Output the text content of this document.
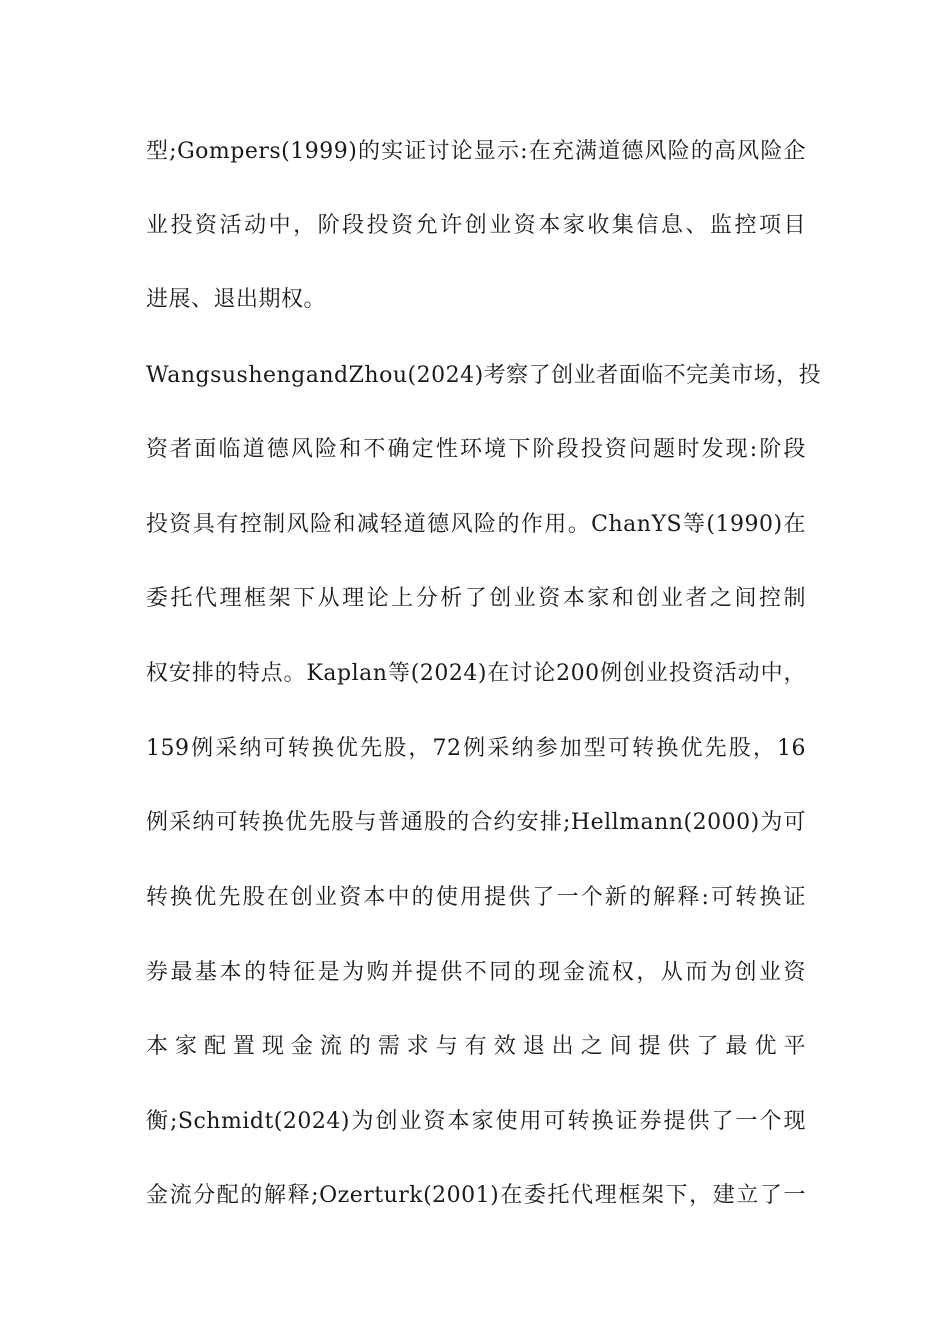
型;Gompers(1999)的实证讨论显示:在充满道德风险的高风险企
业投资活动中，阶段投资允许创业资本家收集信息、监控项目
进展、退出期权。
WangsushengandZhou(2024)考察了创业者面临不完美市场，投
资者面临道德风险和不确定性环境下阶段投资问题时发现:阶段
投资具有控制风险和减轻道德风险的作用。ChanYS等(1990)在
委托代理框架下从理论上分析了创业资本家和创业者之间控制
权安排的特点。Kaplan等(2024)在讨论200例创业投资活动中，
159例采纳可转换优先股，72例采纳参加型可转换优先股，16
例采纳可转换优先股与普通股的合约安排;Hellmann(2000)为可
转换优先股在创业资本中的使用提供了一个新的解释:可转换证
券最基本的特征是为购并提供不同的现金流权，从而为创业资
本家配置现金流的需求与有效退出之间提供了最优平
衡;Schmidt(2024)为创业资本家使用可转换证券提供了一个现
金流分配的解释;Ozerturk(2001)在委托代理框架下，建立了一
